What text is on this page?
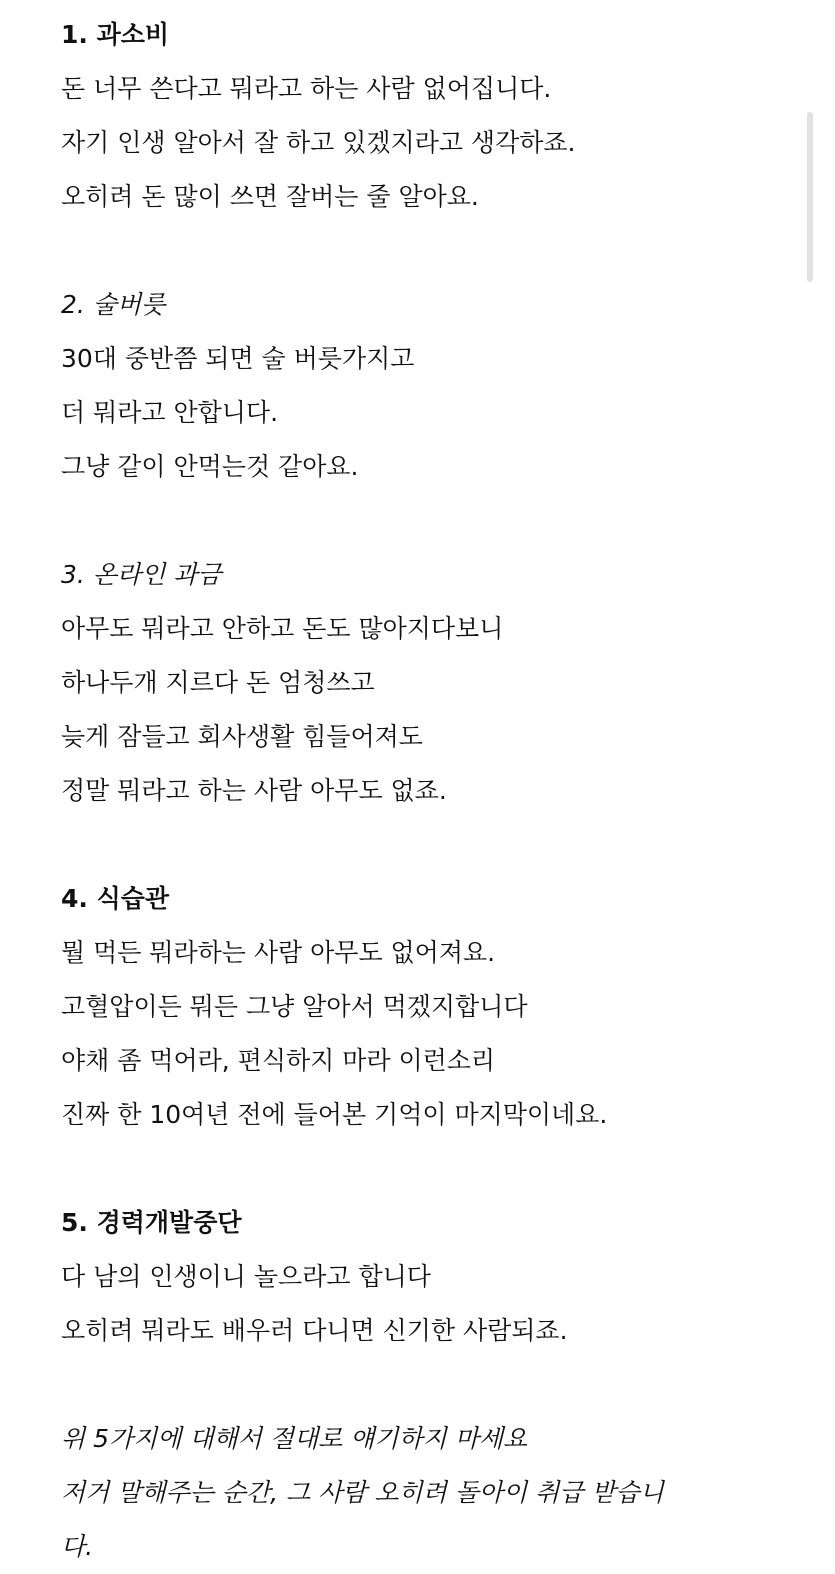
1. 과소비

돈 너무 쓴다고 뭐라고 하는 사람 없어집니다.

자기 인생 알아서 잘 하고 있겠지라고 생각하죠.

오히려 돈 많이 쓰면 잘버는 줄 알아요.

2. 술버릇

30대 중반쯤 되면 술 버릇가지고

더 뭐라고 안합니다.

그냥 같이 안먹는것 같아요.

3. 온라인 과금

아무도 뭐라고 안하고 돈도 많아지다보니

하나두개 지르다 돈 엄청쓰고

늦게 잠들고 회사생활 힘들어져도

정말 뭐라고 하는 사람 아무도 없죠.

4. 식습관

뭘 먹든 뭐라하는 사람 아무도 없어져요.

고혈압이든 뭐든 그냥 알아서 먹겠지합니다

야채 좀 먹어라, 편식하지 마라 이런소리

진짜 한 10여년 전에 들어본 기억이 마지막이네요.

5. 경력개발중단

다 남의 인생이니 놀으라고 합니다

오히려 뭐라도 배우러 다니면 신기한 사람되죠.

위 5가지에 대해서 절대로 얘기하지 마세요

저거 말해주는 순간, 그 사람 오히려 돌아이 취급 받습니

다.
